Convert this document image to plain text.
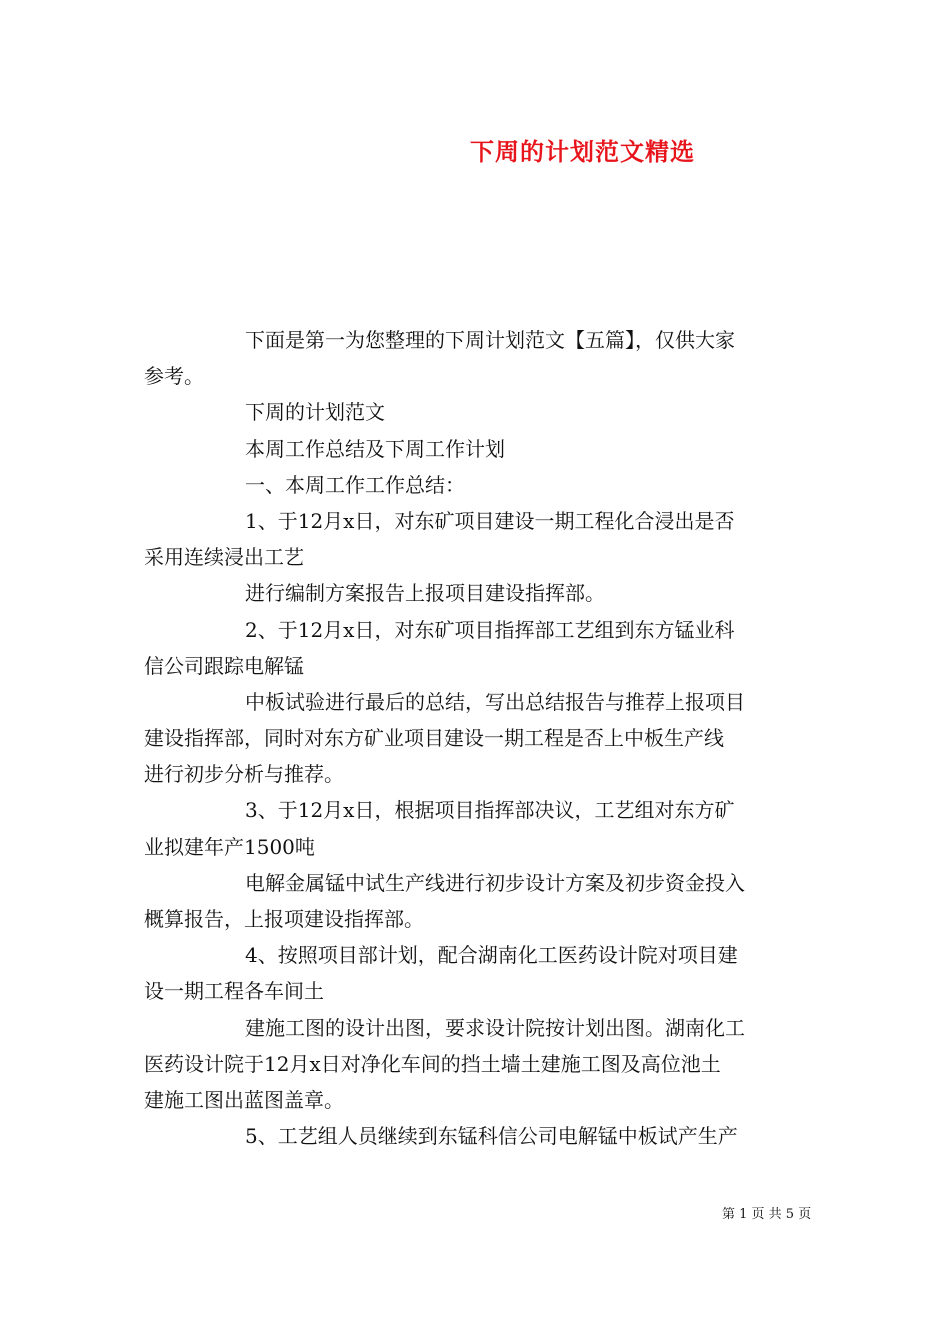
下周的计划范文精选
下面是第一为您整理的下周计划范文【五篇】，仅供大家
参考。
下周的计划范文
本周工作总结及下周工作计划
一、本周工作工作总结：
1、于12月x日，对东矿项目建设一期工程化合浸出是否
采用连续浸出工艺
进行编制方案报告上报项目建设指挥部。
2、于12月x日，对东矿项目指挥部工艺组到东方锰业科
信公司跟踪电解锰
中板试验进行最后的总结，写出总结报告与推荐上报项目
建设指挥部，同时对东方矿业项目建设一期工程是否上中板生产线
进行初步分析与推荐。
3、于12月x日，根据项目指挥部决议，工艺组对东方矿
业拟建年产1500吨
电解金属锰中试生产线进行初步设计方案及初步资金投入
概算报告，上报项建设指挥部。
4、按照项目部计划，配合湖南化工医药设计院对项目建
设一期工程各车间土
建施工图的设计出图，要求设计院按计划出图。湖南化工
医药设计院于12月x日对净化车间的挡土墙土建施工图及高位池土
建施工图出蓝图盖章。
5、工艺组人员继续到东锰科信公司电解锰中板试产生产
第 1 页 共 5 页
